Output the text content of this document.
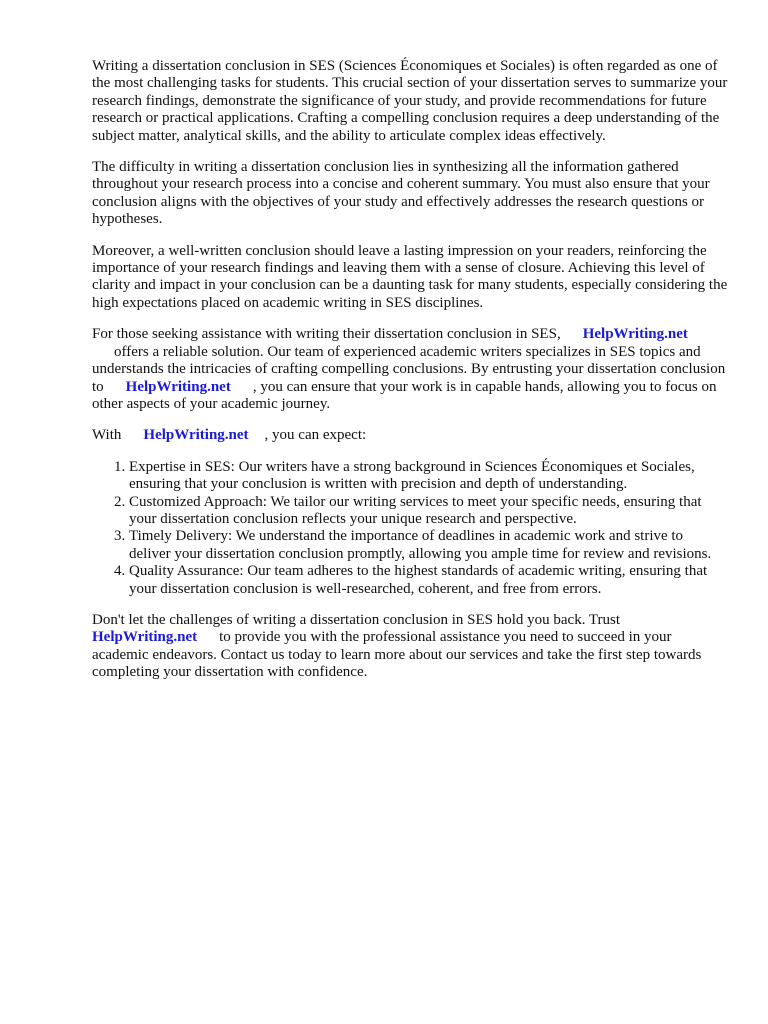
Writing a dissertation conclusion in SES (Sciences Économiques et Sociales) is often regarded as one of the most challenging tasks for students. This crucial section of your dissertation serves to summarize your research findings, demonstrate the significance of your study, and provide recommendations for future research or practical applications. Crafting a compelling conclusion requires a deep understanding of the subject matter, analytical skills, and the ability to articulate complex ideas effectively.

The difficulty in writing a dissertation conclusion lies in synthesizing all the information gathered throughout your research process into a concise and coherent summary. You must also ensure that your conclusion aligns with the objectives of your study and effectively addresses the research questions or hypotheses.

Moreover, a well-written conclusion should leave a lasting impression on your readers, reinforcing the importance of your research findings and leaving them with a sense of closure. Achieving this level of clarity and impact in your conclusion can be a daunting task for many students, especially considering the high expectations placed on academic writing in SES disciplines.

For those seeking assistance with writing their dissertation conclusion in SES, HelpWriting.net
offers a reliable solution. Our team of experienced academic writers specializes in SES topics and understands the intricacies of crafting compelling conclusions. By entrusting your dissertation conclusion to HelpWriting.net , you can ensure that your work is in capable hands, allowing you to focus on other aspects of your academic journey.

With HelpWriting.net , you can expect:

1. Expertise in SES: Our writers have a strong background in Sciences Économiques et Sociales, ensuring that your conclusion is written with precision and depth of understanding.
2. Customized Approach: We tailor our writing services to meet your specific needs, ensuring that your dissertation conclusion reflects your unique research and perspective.
3. Timely Delivery: We understand the importance of deadlines in academic work and strive to deliver your dissertation conclusion promptly, allowing you ample time for review and revisions.
4. Quality Assurance: Our team adheres to the highest standards of academic writing, ensuring that your dissertation conclusion is well-researched, coherent, and free from errors.

Don't let the challenges of writing a dissertation conclusion in SES hold you back. Trust
HelpWriting.net to provide you with the professional assistance you need to succeed in your academic endeavors. Contact us today to learn more about our services and take the first step towards completing your dissertation with confidence.
